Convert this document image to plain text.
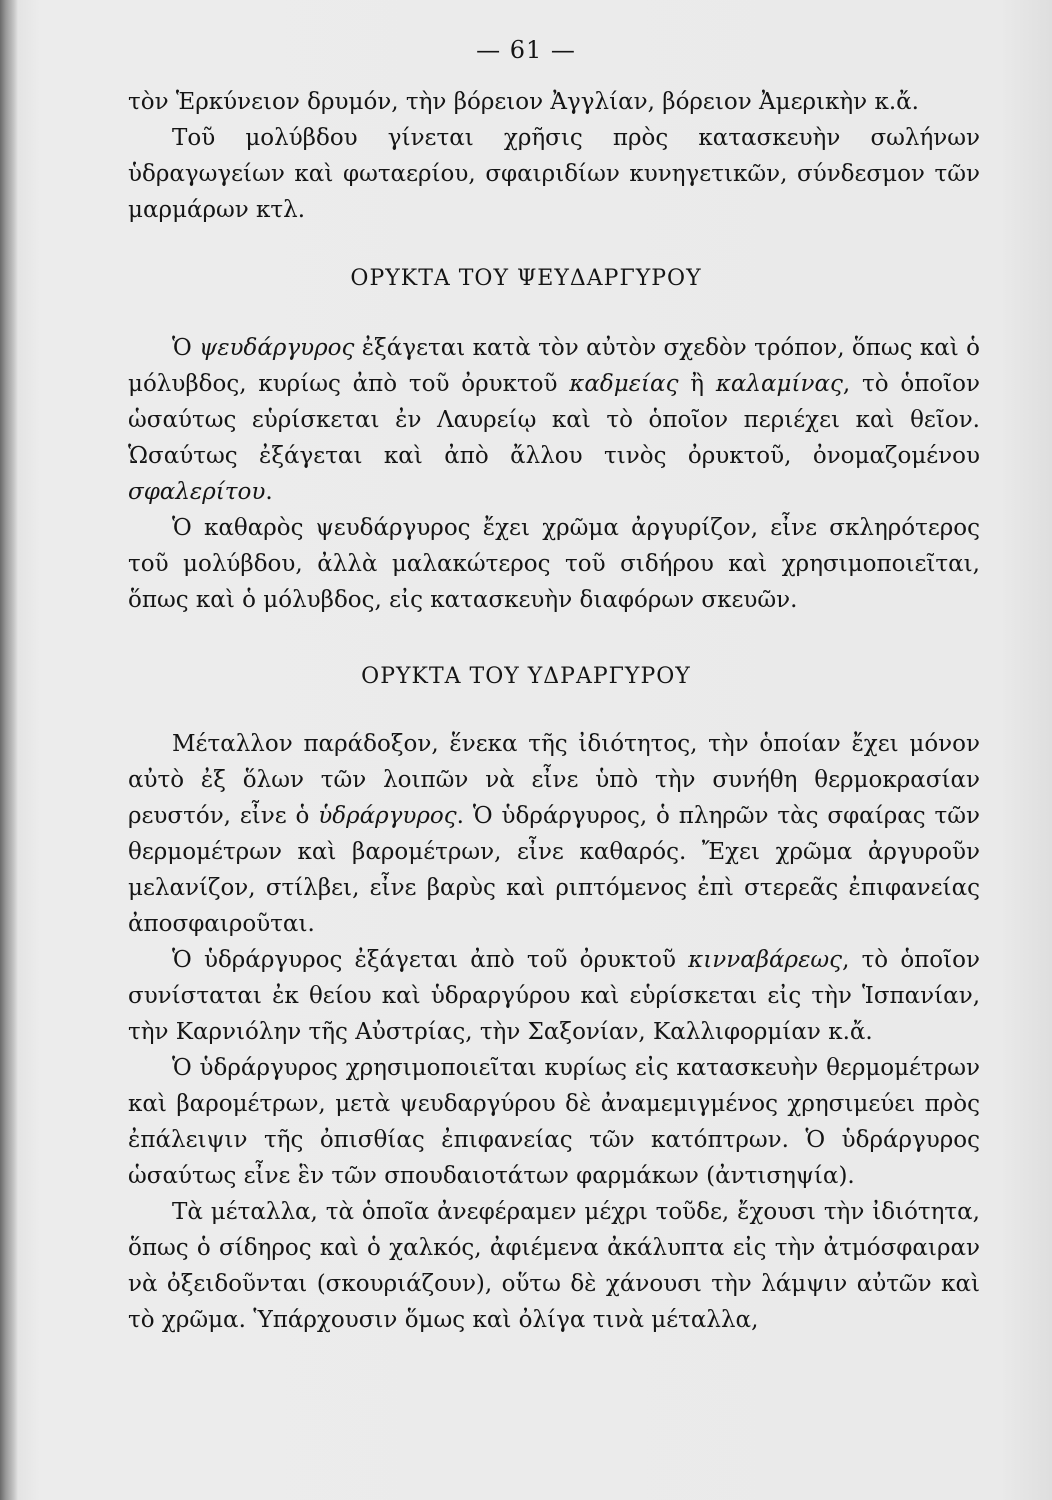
— 61 —

τὸν Ἑρκύνειον δρυμόν, τὴν βόρειον Ἀγγλίαν, βόρειον Ἀμερικὴν κ.ἄ.

Τοῦ μολύβδου γίνεται χρῆσις πρὸς κατασκευὴν σωλήνων ὑδραγωγείων καὶ φωταερίου, σφαιριδίων κυνηγετικῶν, σύνδεσμον τῶν μαρμάρων κτλ.

ΟΡΥΚΤΑ ΤΟΥ ΨΕΥΔΑΡΓΥΡΟΥ

Ὁ ψευδάργυρος ἐξάγεται κατὰ τὸν αὐτὸν σχεδὸν τρόπον, ὅπως καὶ ὁ μόλυβδος, κυρίως ἀπὸ τοῦ ὀρυκτοῦ καδμείας ἢ καλαμίνας, τὸ ὁποῖον ὡσαύτως εὑρίσκεται ἐν Λαυρείῳ καὶ τὸ ὁποῖον περιέχει καὶ θεῖον. Ὡσαύτως ἐξάγεται καὶ ἀπὸ ἄλλου τινὸς ὀρυκτοῦ, ὀνομαζομένου σφαλερίτου.

Ὁ καθαρὸς ψευδάργυρος ἔχει χρῶμα ἀργυρίζον, εἶνε σκληρότερος τοῦ μολύβδου, ἀλλὰ μαλακώτερος τοῦ σιδήρου καὶ χρησιμοποιεῖται, ὅπως καὶ ὁ μόλυβδος, εἰς κατασκευὴν διαφόρων σκευῶν.

ΟΡΥΚΤΑ ΤΟΥ ΥΔΡΑΡΓΥΡΟΥ

Μέταλλον παράδοξον, ἕνεκα τῆς ἰδιότητος, τὴν ὁποίαν ἔχει μόνον αὐτὸ ἐξ ὅλων τῶν λοιπῶν νὰ εἶνε ὑπὸ τὴν συνήθη θερμοκρασίαν ρευστόν, εἶνε ὁ ὑδράργυρος. Ὁ ὑδράργυρος, ὁ πληρῶν τὰς σφαίρας τῶν θερμομέτρων καὶ βαρομέτρων, εἶνε καθαρός. Ἔχει χρῶμα ἀργυροῦν μελανίζον, στίλβει, εἶνε βαρὺς καὶ ριπτόμενος ἐπὶ στερεᾶς ἐπιφανείας ἀποσφαιροῦται.

Ὁ ὑδράργυρος ἐξάγεται ἀπὸ τοῦ ὀρυκτοῦ κινναβάρεως, τὸ ὁποῖον συνίσταται ἐκ θείου καὶ ὑδραργύρου καὶ εὑρίσκεται εἰς τὴν Ἱσπανίαν, τὴν Καρνιόλην τῆς Αὐστρίας, τὴν Σαξονίαν, Καλλιφορμίαν κ.ἄ.

Ὁ ὑδράργυρος χρησιμοποιεῖται κυρίως εἰς κατασκευὴν θερμομέτρων καὶ βαρομέτρων, μετὰ ψευδαργύρου δὲ ἀναμεμιγμένος χρησιμεύει πρὸς ἐπάλειψιν τῆς ὀπισθίας ἐπιφανείας τῶν κατόπτρων. Ὁ ὑδράργυρος ὡσαύτως εἶνε ἓν τῶν σπουδαιοτάτων φαρμάκων (ἀντισηψία).

Τὰ μέταλλα, τὰ ὁποῖα ἀνεφέραμεν μέχρι τοῦδε, ἔχουσι τὴν ἰδιότητα, ὅπως ὁ σίδηρος καὶ ὁ χαλκός, ἀφιέμενα ἀκάλυπτα εἰς τὴν ἀτμόσφαιραν νὰ ὀξειδοῦνται (σκουριάζουν), οὕτω δὲ χάνουσι τὴν λάμψιν αὐτῶν καὶ τὸ χρῶμα. Ὑπάρχουσιν ὅμως καὶ ὀλίγα τινὰ μέταλλα,
